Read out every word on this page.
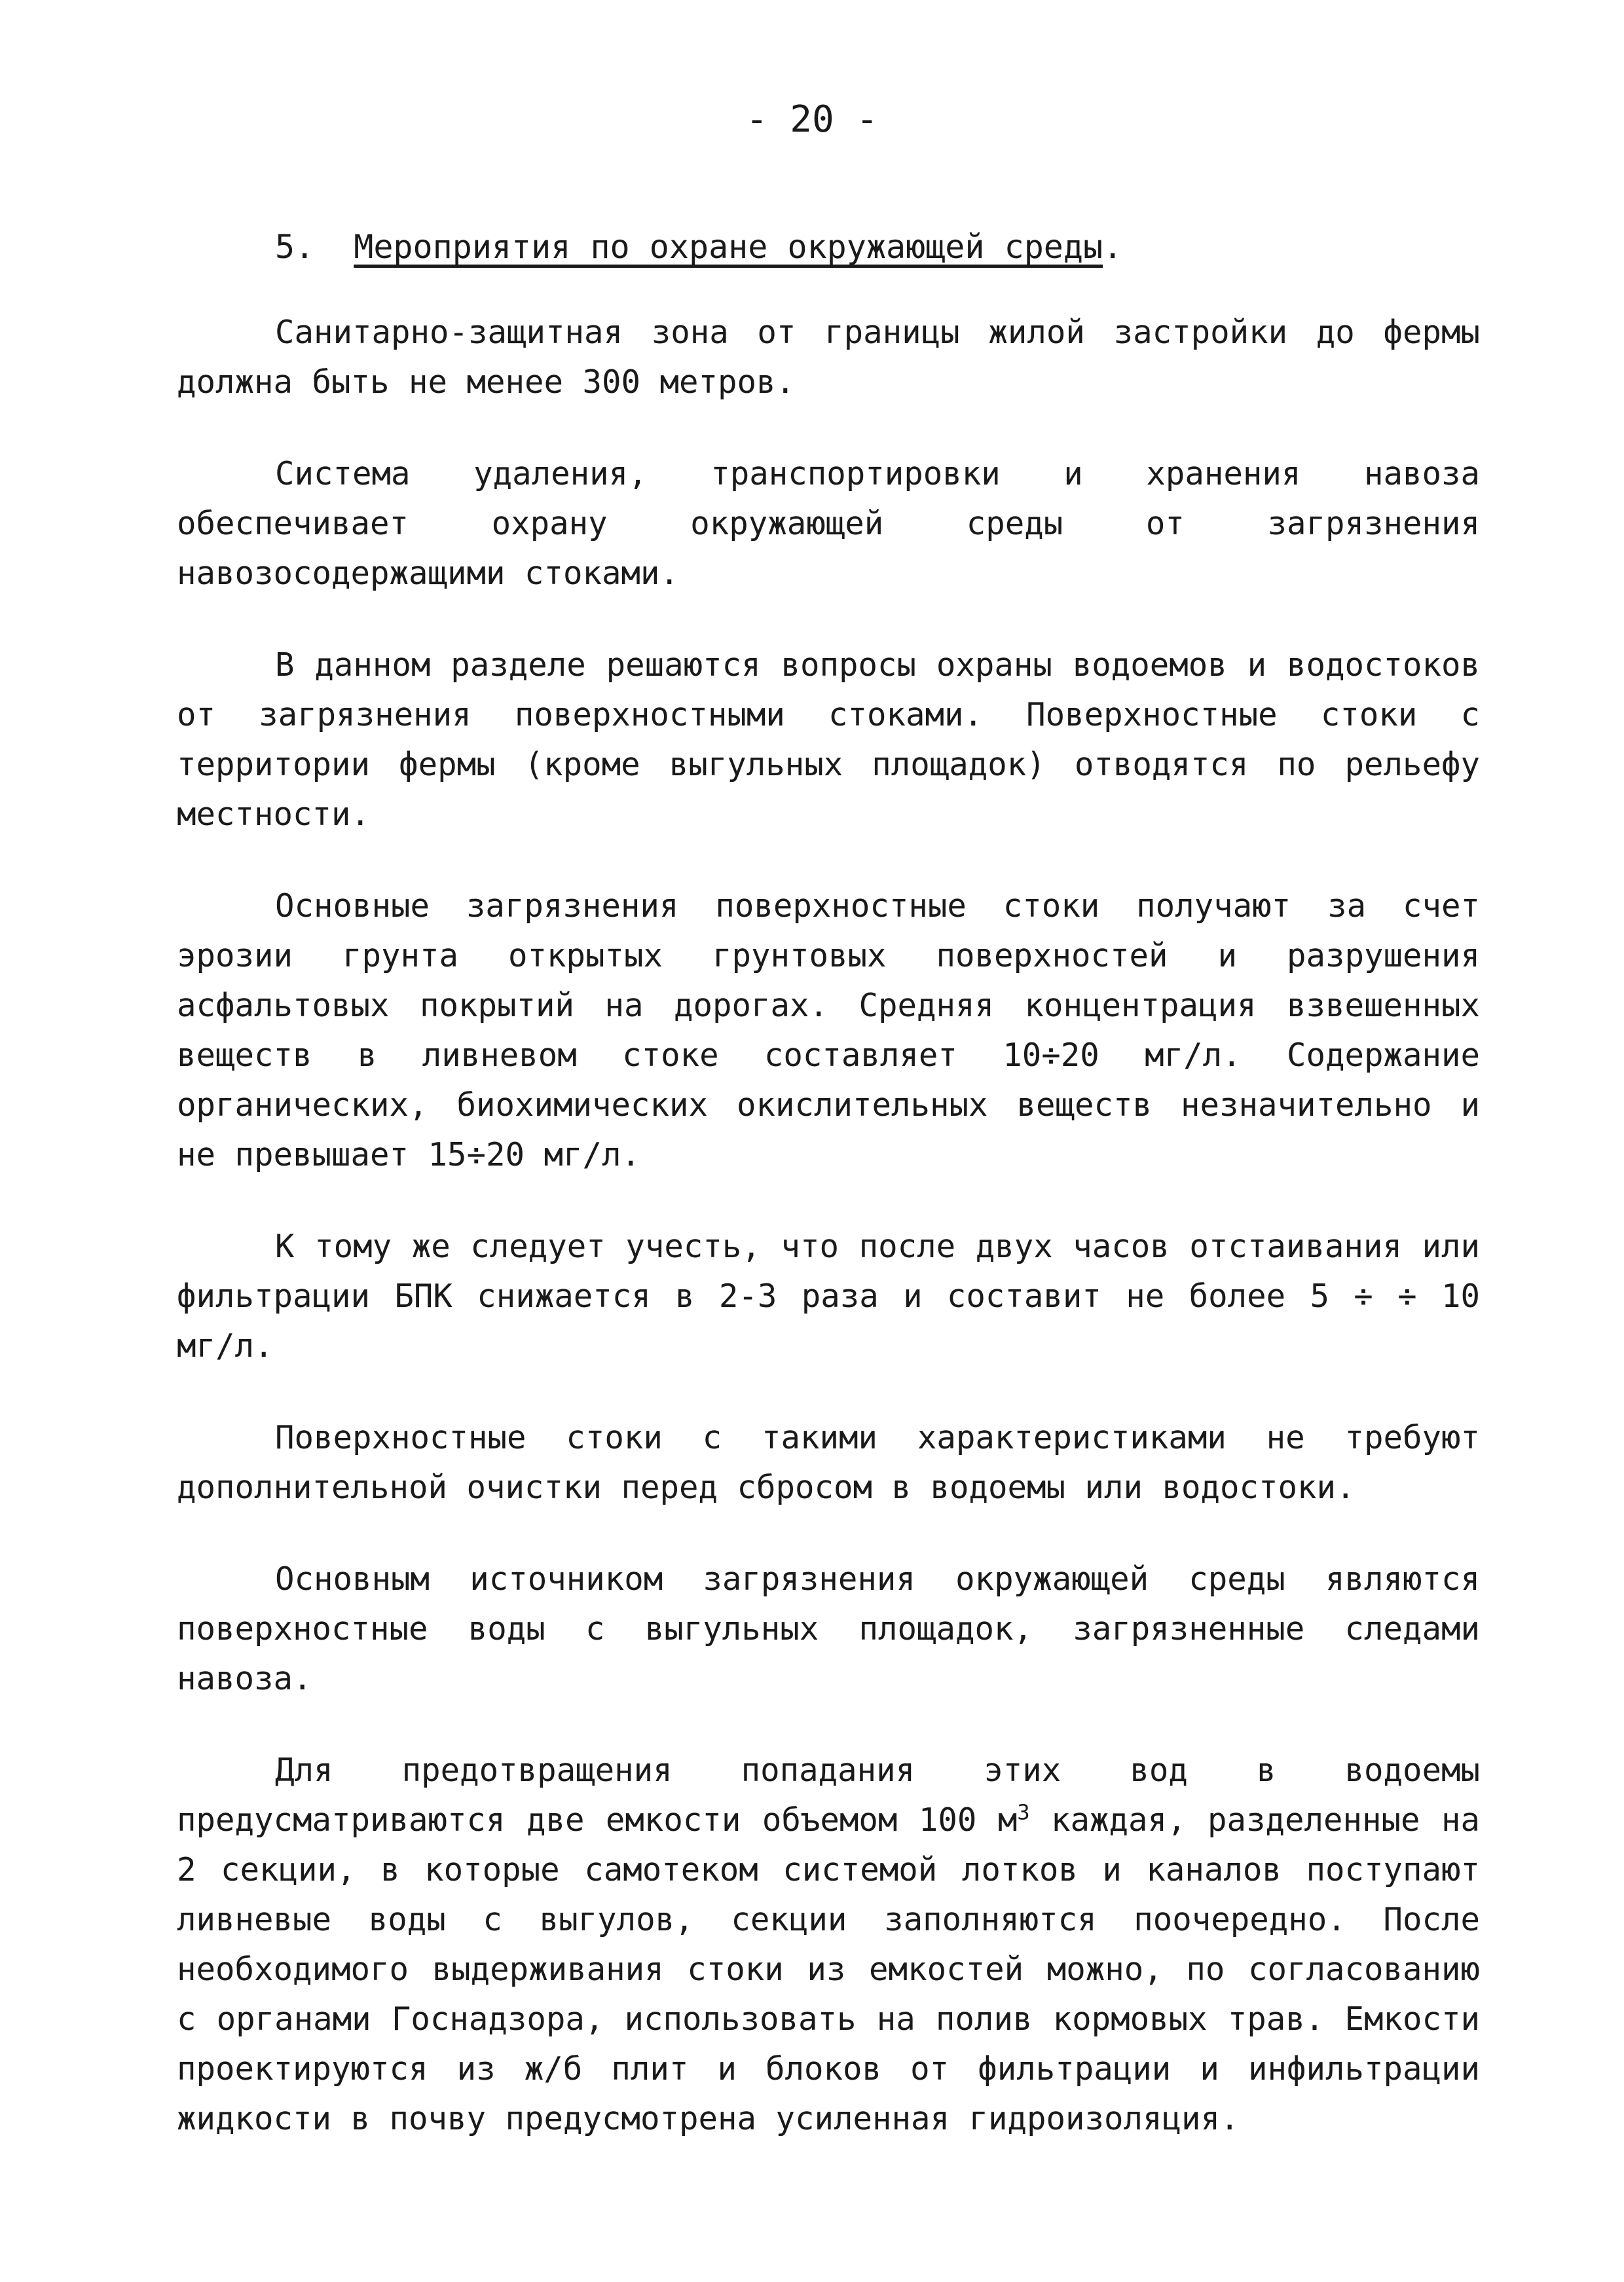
- 20 -
5. Мероприятия по охране окружающей среды.

Санитарно-защитная зона от границы жилой застройки до фермы должна быть не менее 300 метров.

Система удаления, транспортировки и хранения навоза обеспечивает охрану окружающей среды от загрязнения навозосодержащими стоками.

В данном разделе решаются вопросы охраны водоемов и водостоков от загрязнения поверхностными стоками. Поверхностные стоки с территории фермы (кроме выгульных площадок) отводятся по рельефу местности.

Основные загрязнения поверхностные стоки получают за счет эрозии грунта открытых грунтовых поверхностей и разрушения асфальтовых покрытий на дорогах. Средняя концентрация взвешенных веществ в ливневом стоке составляет 10÷20 мг/л. Содержание органических, биохимических окислительных веществ незначительно и не превышает 15÷20 мг/л.

К тому же следует учесть, что после двух часов отстаивания или фильтрации БПК снижается в 2-3 раза и составит не более 5 ÷ ÷ 10 мг/л.

Поверхностные стоки с такими характеристиками не требуют дополнительной очистки перед сбросом в водоемы или водостоки.

Основным источником загрязнения окружающей среды являются поверхностные воды с выгульных площадок, загрязненные следами навоза.

Для предотвращения попадания этих вод в водоемы предусматриваются две емкости объемом 100 $м^3$ каждая, разделенные на 2 секции, в которые самотеком системой лотков и каналов поступают ливневые воды с выгулов, секции заполняются поочередно. После необходимого выдерживания стоки из емкостей можно, по согласованию с органами Госнадзора, использовать на полив кормовых трав. Емкости проектируются из ж/б плит и блоков от фильтрации и инфильтрации жидкости в почву предусмотрена усиленная гидроизоляция.
